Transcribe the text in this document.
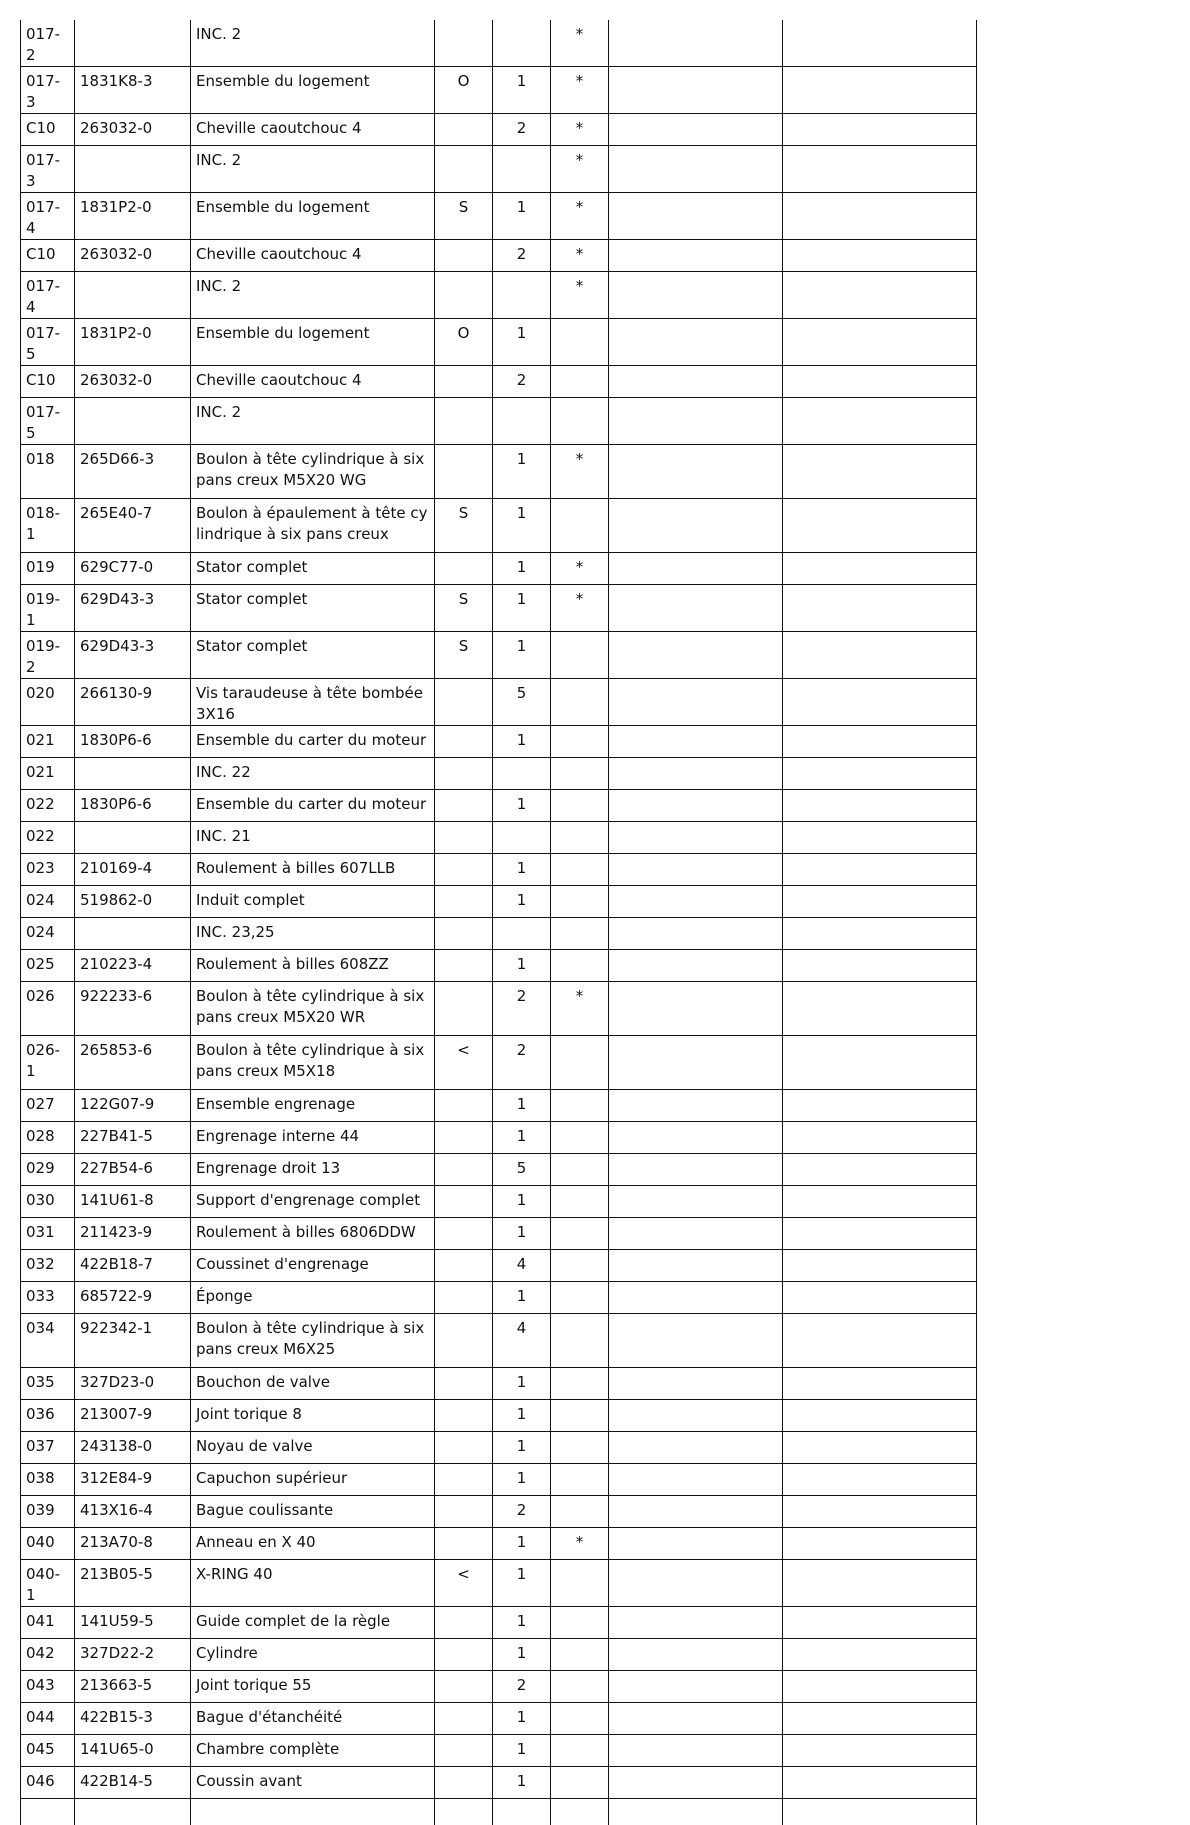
017-2		INC. 2			*		
017-3	1831K8-3	Ensemble du logement	O	1	*		
C10	263032-0	Cheville caoutchouc 4		2	*		
017-3		INC. 2			*		
017-4	1831P2-0	Ensemble du logement	S	1	*		
C10	263032-0	Cheville caoutchouc 4		2	*		
017-4		INC. 2			*		
017-5	1831P2-0	Ensemble du logement	O	1			
C10	263032-0	Cheville caoutchouc 4		2			
017-5		INC. 2					
018	265D66-3	Boulon à tête cylindrique à six pans creux M5X20 WG		1	*		
018-1	265E40-7	Boulon à épaulement à tête cylindrique à six pans creux	S	1			
019	629C77-0	Stator complet		1	*		
019-1	629D43-3	Stator complet	S	1	*		
019-2	629D43-3	Stator complet	S	1			
020	266130-9	Vis taraudeuse à tête bombée 3X16		5			
021	1830P6-6	Ensemble du carter du moteur		1			
021		INC. 22					
022	1830P6-6	Ensemble du carter du moteur		1			
022		INC. 21					
023	210169-4	Roulement à billes 607LLB		1			
024	519862-0	Induit complet		1			
024		INC. 23,25					
025	210223-4	Roulement à billes 608ZZ		1			
026	922233-6	Boulon à tête cylindrique à six pans creux M5X20 WR		2	*		
026-1	265853-6	Boulon à tête cylindrique à six pans creux M5X18	<	2			
027	122G07-9	Ensemble engrenage		1			
028	227B41-5	Engrenage interne 44		1			
029	227B54-6	Engrenage droit 13		5			
030	141U61-8	Support d'engrenage complet		1			
031	211423-9	Roulement à billes 6806DDW		1			
032	422B18-7	Coussinet d'engrenage		4			
033	685722-9	Éponge		1			
034	922342-1	Boulon à tête cylindrique à six pans creux M6X25		4			
035	327D23-0	Bouchon de valve		1			
036	213007-9	Joint torique 8		1			
037	243138-0	Noyau de valve		1			
038	312E84-9	Capuchon supérieur		1			
039	413X16-4	Bague coulissante		2			
040	213A70-8	Anneau en X 40		1	*		
040-1	213B05-5	X-RING 40	<	1			
041	141U59-5	Guide complet de la règle		1			
042	327D22-2	Cylindre		1			
043	213663-5	Joint torique 55		2			
044	422B15-3	Bague d'étanchéité		1			
045	141U65-0	Chambre complète		1			
046	422B14-5	Coussin avant		1			
